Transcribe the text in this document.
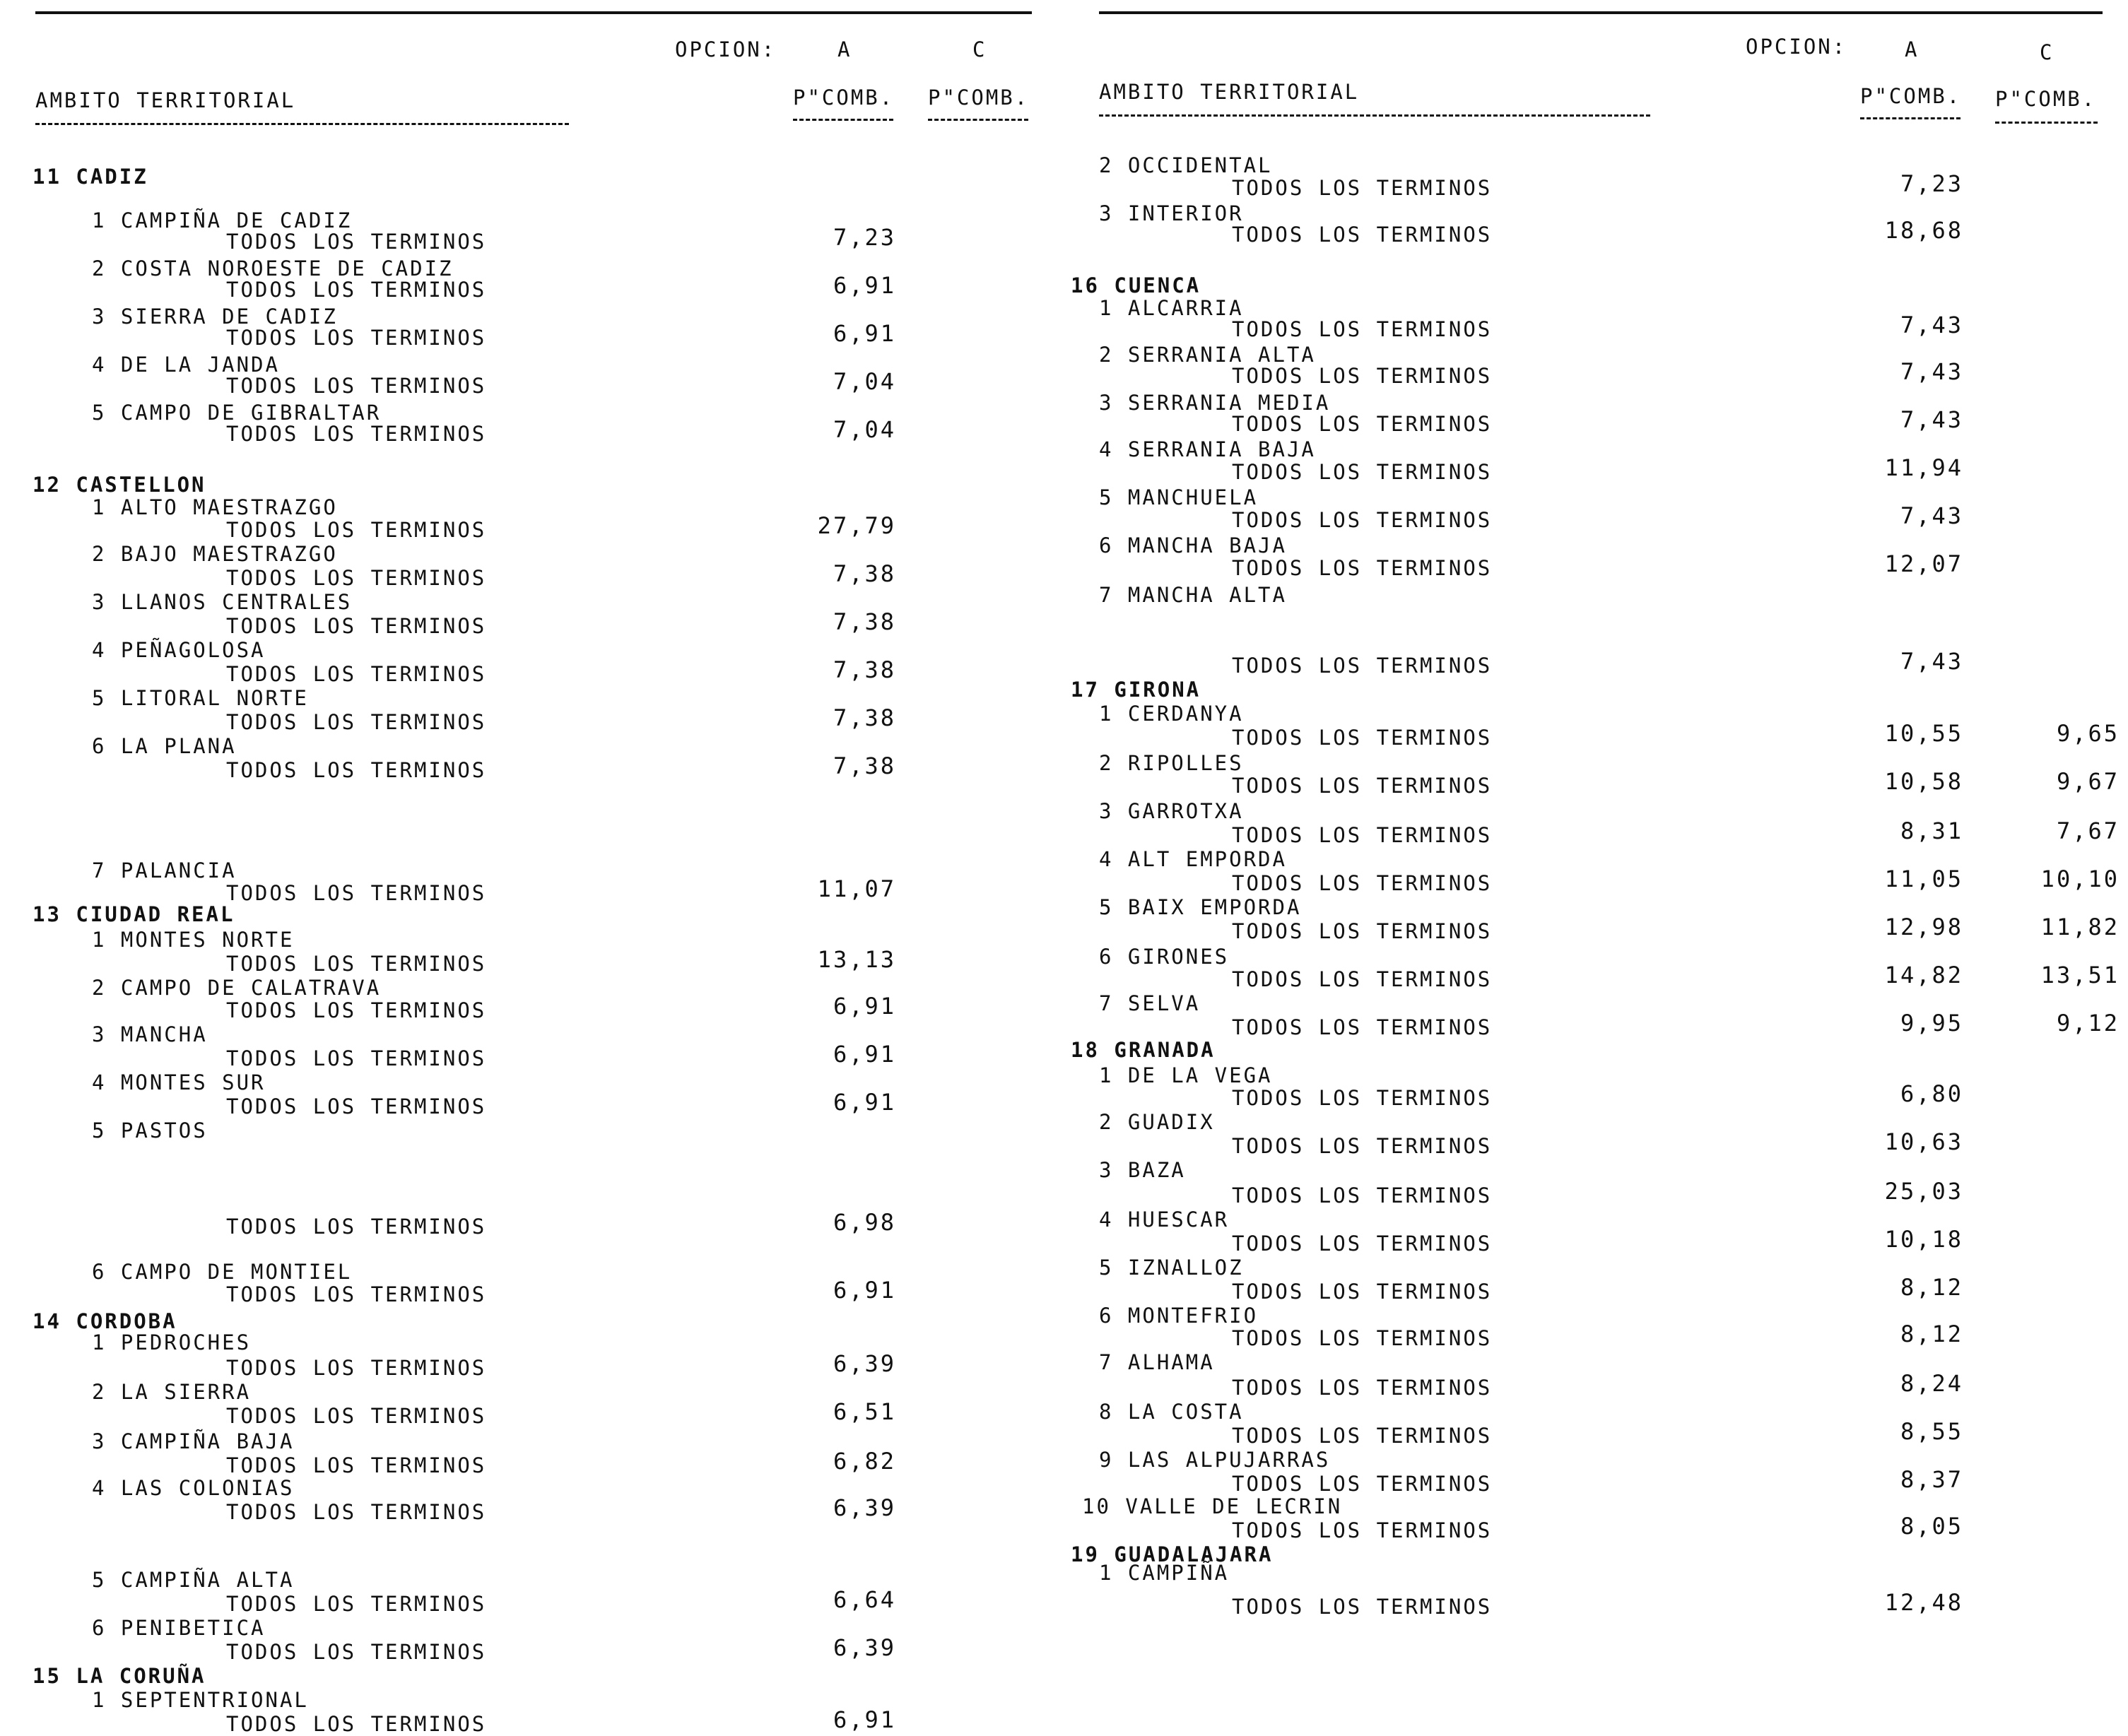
OPCION:	A	C
AMBITO TERRITORIAL	P"COMB. P"COMB.
11 CADIZ
1 CAMPIÑA DE CADIZ
TODOS LOS TERMINOS	7,23
2 COSTA NOROESTE DE CADIZ
TODOS LOS TERMINOS	6,91
3 SIERRA DE CADIZ
TODOS LOS TERMINOS	6,91
4 DE LA JANDA
TODOS LOS TERMINOS	7,04
5 CAMPO DE GIBRALTAR
TODOS LOS TERMINOS	7,04
12 CASTELLON
1 ALTO MAESTRAZGO
TODOS LOS TERMINOS	27,79
2 BAJO MAESTRAZGO
TODOS LOS TERMINOS	7,38
3 LLANOS CENTRALES
TODOS LOS TERMINOS	7,38
4 PEÑAGOLOSA
TODOS LOS TERMINOS	7,38
5 LITORAL NORTE
TODOS LOS TERMINOS	7,38
6 LA PLANA
TODOS LOS TERMINOS	7,38
7 PALANCIA
TODOS LOS TERMINOS	11,07
13 CIUDAD REAL
1 MONTES NORTE
TODOS LOS TERMINOS	13,13
2 CAMPO DE CALATRAVA
TODOS LOS TERMINOS	6,91
3 MANCHA
TODOS LOS TERMINOS	6,91
4 MONTES SUR
TODOS LOS TERMINOS	6,91
5 PASTOS
TODOS LOS TERMINOS	6,98
6 CAMPO DE MONTIEL
TODOS LOS TERMINOS	6,91
14 CORDOBA
1 PEDROCHES
TODOS LOS TERMINOS	6,39
2 LA SIERRA
TODOS LOS TERMINOS	6,51
3 CAMPIÑA BAJA
TODOS LOS TERMINOS	6,82
4 LAS COLONIAS
TODOS LOS TERMINOS	6,39
5 CAMPIÑA ALTA
TODOS LOS TERMINOS	6,64
6 PENIBETICA
TODOS LOS TERMINOS	6,39
15 LA CORUÑA
1 SEPTENTRIONAL
TODOS LOS TERMINOS	6,91
OPCION:	A	C
AMBITO TERRITORIAL	P"COMB. P"COMB.
2 OCCIDENTAL
TODOS LOS TERMINOS	7,23
3 INTERIOR
TODOS LOS TERMINOS	18,68
16 CUENCA
1 ALCARRIA
TODOS LOS TERMINOS	7,43
2 SERRANIA ALTA
TODOS LOS TERMINOS	7,43
3 SERRANIA MEDIA
TODOS LOS TERMINOS	7,43
4 SERRANIA BAJA
TODOS LOS TERMINOS	11,94
5 MANCHUELA
TODOS LOS TERMINOS	7,43
6 MANCHA BAJA
TODOS LOS TERMINOS	12,07
7 MANCHA ALTA
TODOS LOS TERMINOS	7,43
17 GIRONA
1 CERDANYA
TODOS LOS TERMINOS	10,55	9,65
2 RIPOLLES
TODOS LOS TERMINOS	10,58	9,67
3 GARROTXA
TODOS LOS TERMINOS	8,31	7,67
4 ALT EMPORDA
TODOS LOS TERMINOS	11,05	10,10
5 BAIX EMPORDA
TODOS LOS TERMINOS	12,98	11,82
6 GIRONES
TODOS LOS TERMINOS	14,82	13,51
7 SELVA
TODOS LOS TERMINOS	9,95	9,12
18 GRANADA
1 DE LA VEGA
TODOS LOS TERMINOS	6,80
2 GUADIX
TODOS LOS TERMINOS	10,63
3 BAZA
TODOS LOS TERMINOS	25,03
4 HUESCAR
TODOS LOS TERMINOS	10,18
5 IZNALLOZ
TODOS LOS TERMINOS	8,12
6 MONTEFRIO
TODOS LOS TERMINOS	8,12
7 ALHAMA
TODOS LOS TERMINOS	8,24
8 LA COSTA
TODOS LOS TERMINOS	8,55
9 LAS ALPUJARRAS
TODOS LOS TERMINOS	8,37
10 VALLE DE LECRIN
TODOS LOS TERMINOS	8,05
19 GUADALAJARA
1 CAMPIÑA
TODOS LOS TERMINOS	12,48
